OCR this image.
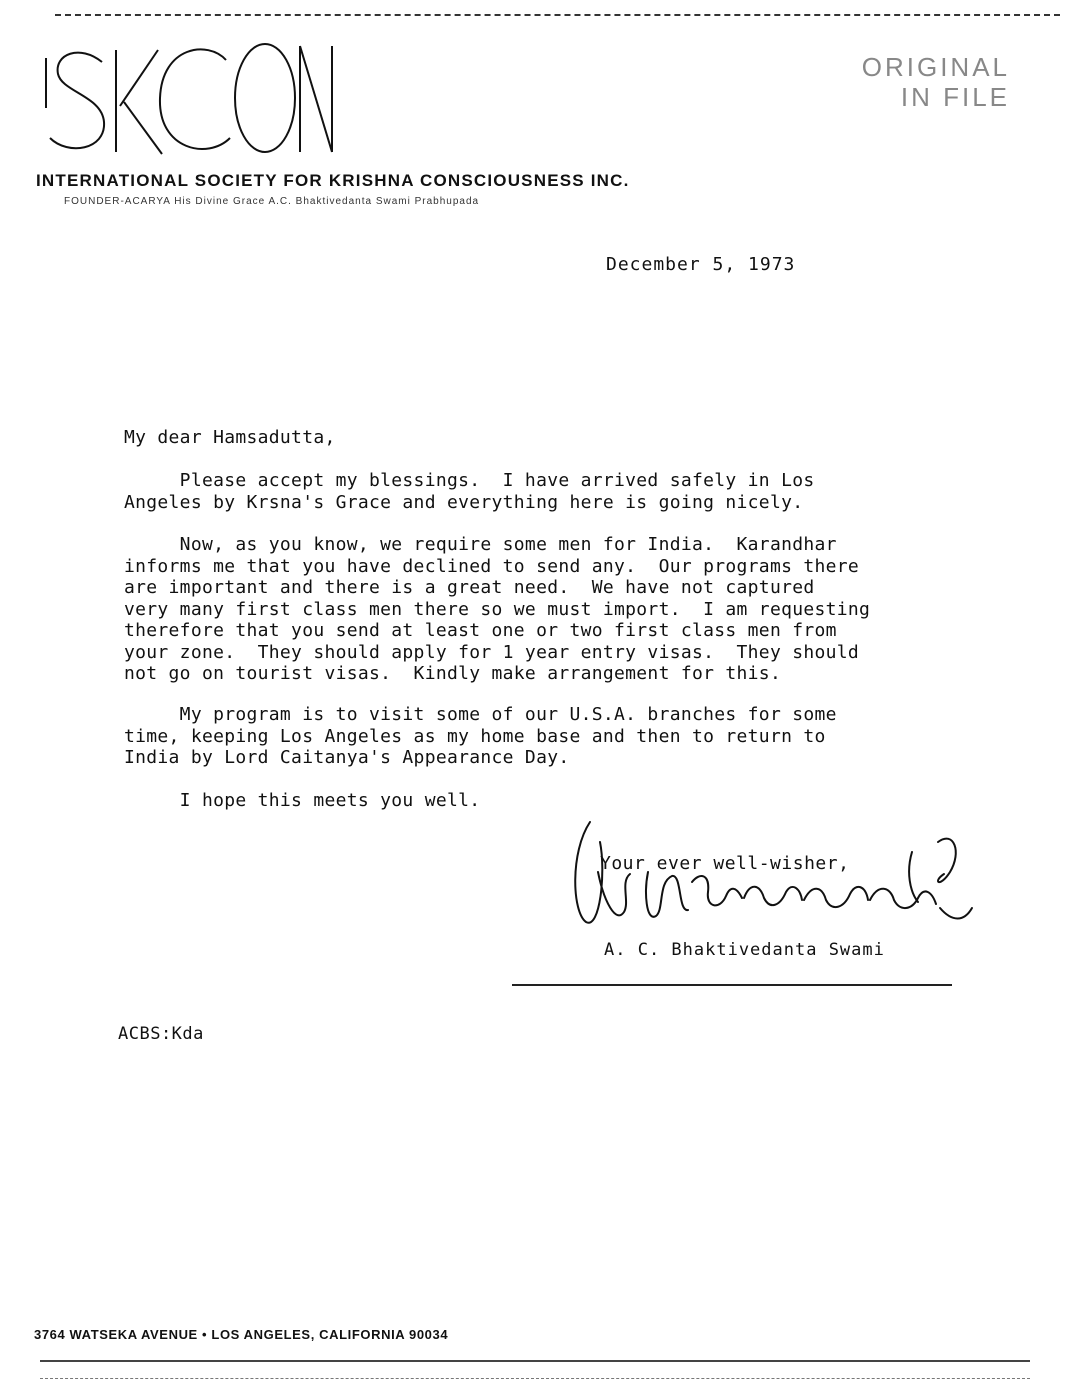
INTERNATIONAL SOCIETY FOR KRISHNA CONSCIOUSNESS INC.
FOUNDER-ACARYA His Divine Grace A.C. Bhaktivedanta Swami Prabhupada
ORIGINAL
IN FILE
December 5, 1973
My dear Hamsadutta,
Please accept my blessings.  I have arrived safely in Los
Angeles by Krsna's Grace and everything here is going nicely.
Now, as you know, we require some men for India.  Karandhar
informs me that you have declined to send any.  Our programs there
are important and there is a great need.  We have not captured
very many first class men there so we must import.  I am requesting
therefore that you send at least one or two first class men from
your zone.  They should apply for 1 year entry visas.  They should
not go on tourist visas.  Kindly make arrangement for this.
My program is to visit some of our U.S.A. branches for some
time, keeping Los Angeles as my home base and then to return to
India by Lord Caitanya's Appearance Day.
I hope this meets you well.
Your ever well-wisher,
A. C. Bhaktivedanta Swami
ACBS:Kda
3764 WATSEKA AVENUE • LOS ANGELES, CALIFORNIA 90034
